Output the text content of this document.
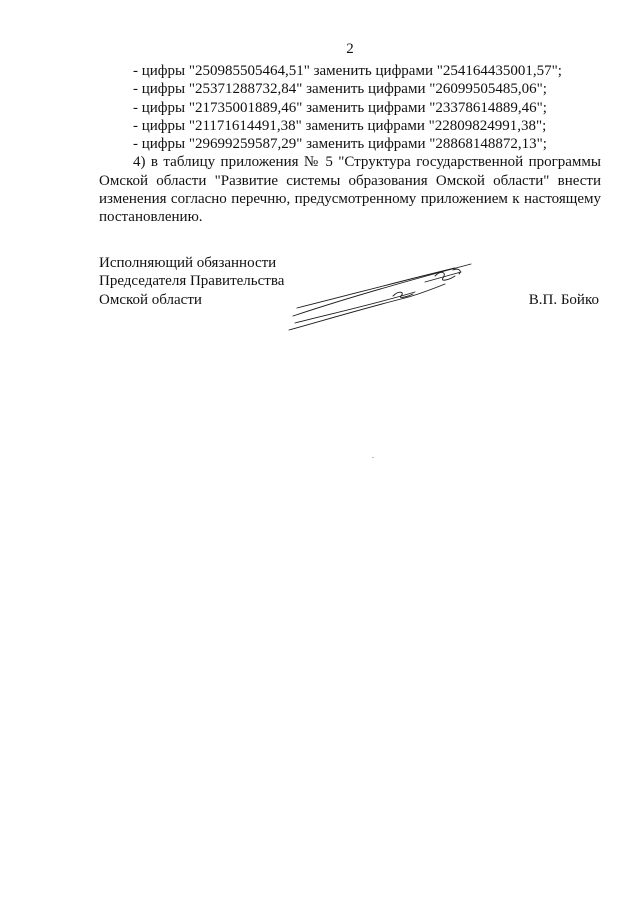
2
- цифры "250985505464,51" заменить цифрами "254164435001,57";
- цифры "25371288732,84" заменить цифрами "26099505485,06";
- цифры "21735001889,46" заменить цифрами "23378614889,46";
- цифры "21171614491,38" заменить цифрами "22809824991,38";
- цифры "29699259587,29" заменить цифрами "28868148872,13";

4) в таблицу приложения № 5 "Структура государственной программы Омской области "Развитие системы образования Омской области" внести изменения согласно перечню, предусмотренному приложением к настоящему постановлению.

Исполняющий обязанности
Председателя Правительства
Омской области	В.П. Бойко
